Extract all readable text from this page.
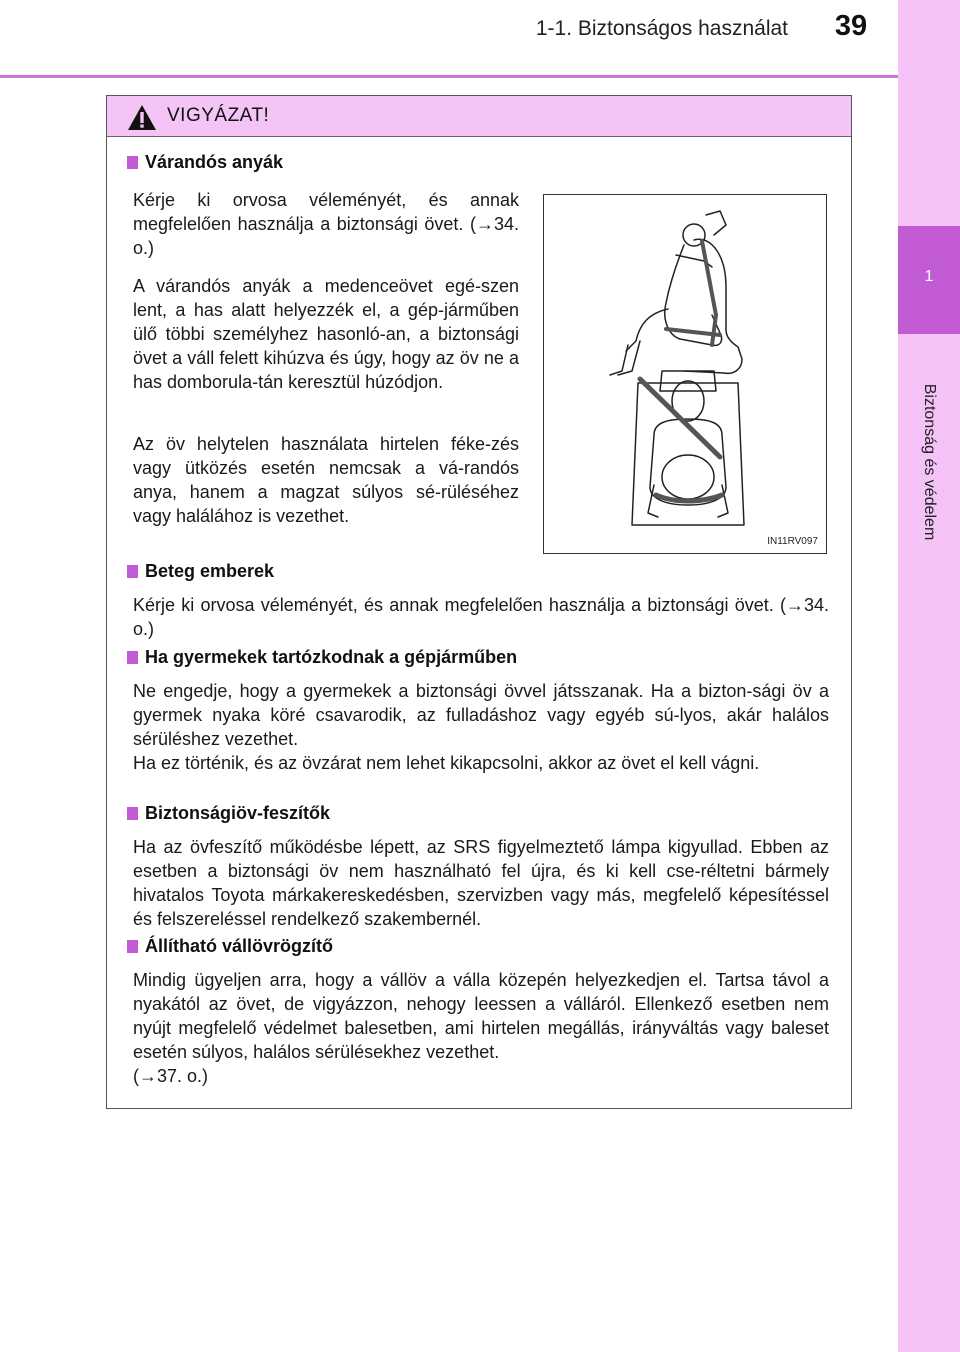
1-1. Biztonságos használat	39
1
Biztonság és védelem
VIGYÁZAT!
Várandós anyák

Kérje ki orvosa véleményét, és annak megfelelően használja a biztonsági övet. (→34. o.)

A várandós anyák a medenceövet egé-szen lent, a has alatt helyezzék el, a gép-járműben ülő többi személyhez hasonló-an, a biztonsági övet a váll felett kihúzva és úgy, hogy az öv ne a has domborula-tán keresztül húzódjon.

Az öv helytelen használata hirtelen féke-zés vagy ütközés esetén nemcsak a vá-randós anya, hanem a magzat súlyos sé-rüléséhez vagy halálához is vezethet.

IN11RV097
Beteg emberek

Kérje ki orvosa véleményét, és annak megfelelően használja a biztonsági övet. (→34. o.)

Ha gyermekek tartózkodnak a gépjárműben

Ne engedje, hogy a gyermekek a biztonsági övvel játsszanak. Ha a bizton-sági öv a gyermek nyaka köré csavarodik, az fulladáshoz vagy egyéb sú-lyos, akár halálos sérüléshez vezethet.

Ha ez történik, és az övzárat nem lehet kikapcsolni, akkor az övet el kell vágni.

Biztonságiöv-feszítők

Ha az övfeszítő működésbe lépett, az SRS figyelmeztető lámpa kigyullad. Ebben az esetben a biztonsági öv nem használható fel újra, és ki kell cse-réltetni bármely hivatalos Toyota márkakereskedésben, szervizben vagy más, megfelelő képesítéssel és felszereléssel rendelkező szakembernél.

Állítható vállövrögzítő

Mindig ügyeljen arra, hogy a vállöv a válla közepén helyezkedjen el. Tartsa távol a nyakától az övet, de vigyázzon, nehogy leessen a válláról. Ellenkező esetben nem nyújt megfelelő védelmet balesetben, ami hirtelen megállás, irányváltás vagy baleset esetén súlyos, halálos sérülésekhez vezethet.

(→37. o.)
